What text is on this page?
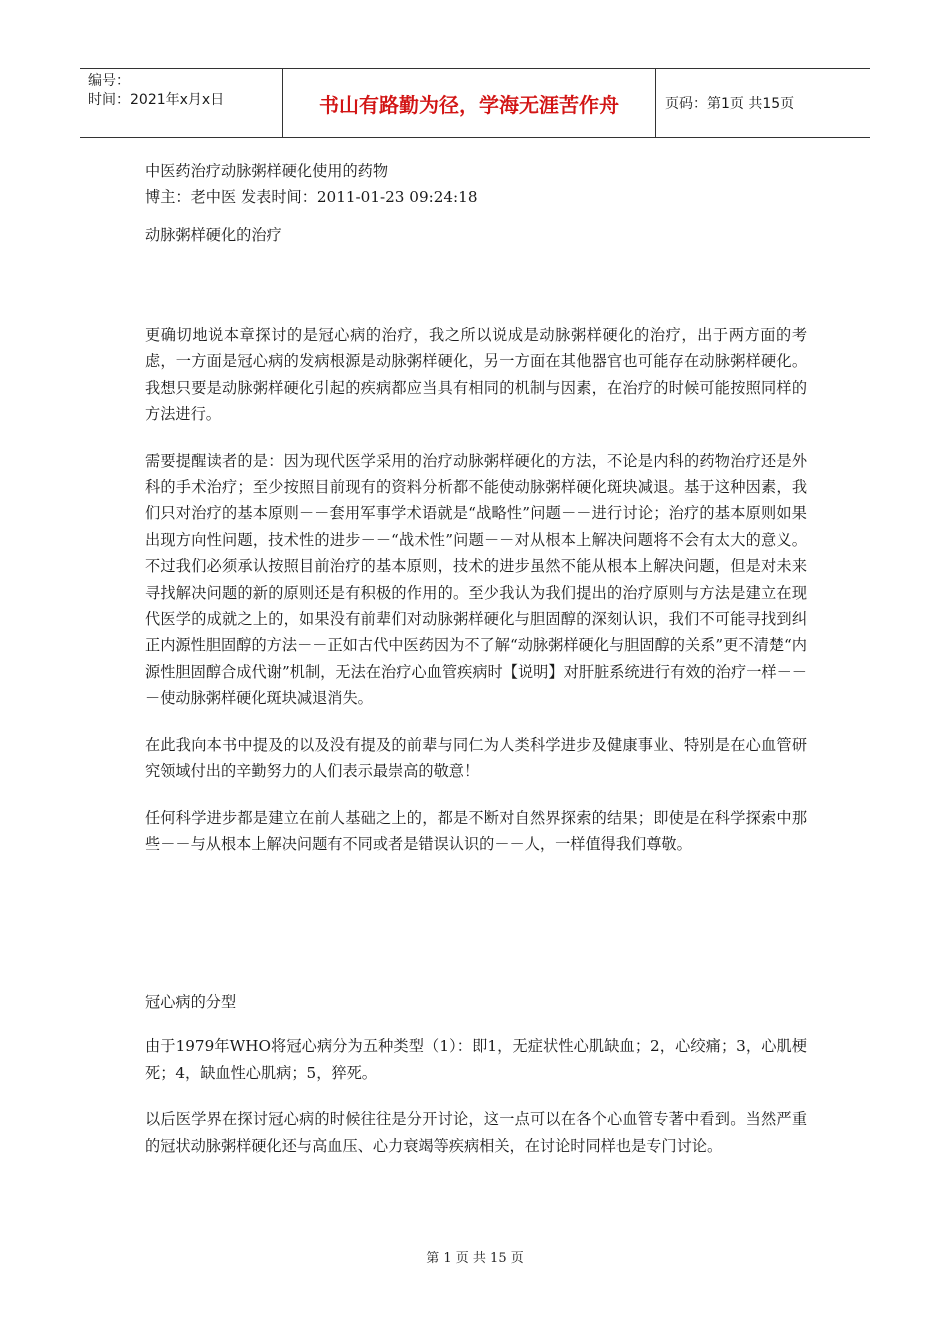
编号：
时间：2021年x月x日	书山有路勤为径，学海无涯苦作舟	页码：第1页 共15页
中医药治疗动脉粥样硬化使用的药物
博主：老中医 发表时间：2011-01-23 09:24:18
动脉粥样硬化的治疗

更确切地说本章探讨的是冠心病的治疗，我之所以说成是动脉粥样硬化的治疗，出于两方面的考虑，一方面是冠心病的发病根源是动脉粥样硬化，另一方面在其他器官也可能存在动脉粥样硬化。我想只要是动脉粥样硬化引起的疾病都应当具有相同的机制与因素，在治疗的时候可能按照同样的方法进行。

需要提醒读者的是：因为现代医学采用的治疗动脉粥样硬化的方法，不论是内科的药物治疗还是外科的手术治疗；至少按照目前现有的资料分析都不能使动脉粥样硬化斑块减退。基于这种因素，我们只对治疗的基本原则－－套用军事学术语就是“战略性”问题－－进行讨论；治疗的基本原则如果出现方向性问题，技术性的进步－－“战术性”问题－－对从根本上解决问题将不会有太大的意义。不过我们必须承认按照目前治疗的基本原则，技术的进步虽然不能从根本上解决问题，但是对未来寻找解决问题的新的原则还是有积极的作用的。至少我认为我们提出的治疗原则与方法是建立在现代医学的成就之上的，如果没有前辈们对动脉粥样硬化与胆固醇的深刻认识，我们不可能寻找到纠正内源性胆固醇的方法－－正如古代中医药因为不了解“动脉粥样硬化与胆固醇的关系”更不清楚“内源性胆固醇合成代谢”机制，无法在治疗心血管疾病时【说明】对肝脏系统进行有效的治疗一样－－－使动脉粥样硬化斑块减退消失。

在此我向本书中提及的以及没有提及的前辈与同仁为人类科学进步及健康事业、特别是在心血管研究领域付出的辛勤努力的人们表示最崇高的敬意！

任何科学进步都是建立在前人基础之上的，都是不断对自然界探索的结果；即使是在科学探索中那些－－与从根本上解决问题有不同或者是错误认识的－－人，一样值得我们尊敬。

冠心病的分型

由于1979年WHO将冠心病分为五种类型（1）：即1，无症状性心肌缺血；2，心绞痛；3，心肌梗死；4，缺血性心肌病；5，猝死。

以后医学界在探讨冠心病的时候往往是分开讨论，这一点可以在各个心血管专著中看到。当然严重的冠状动脉粥样硬化还与高血压、心力衰竭等疾病相关，在讨论时同样也是专门讨论。

第 1 页 共 15 页
